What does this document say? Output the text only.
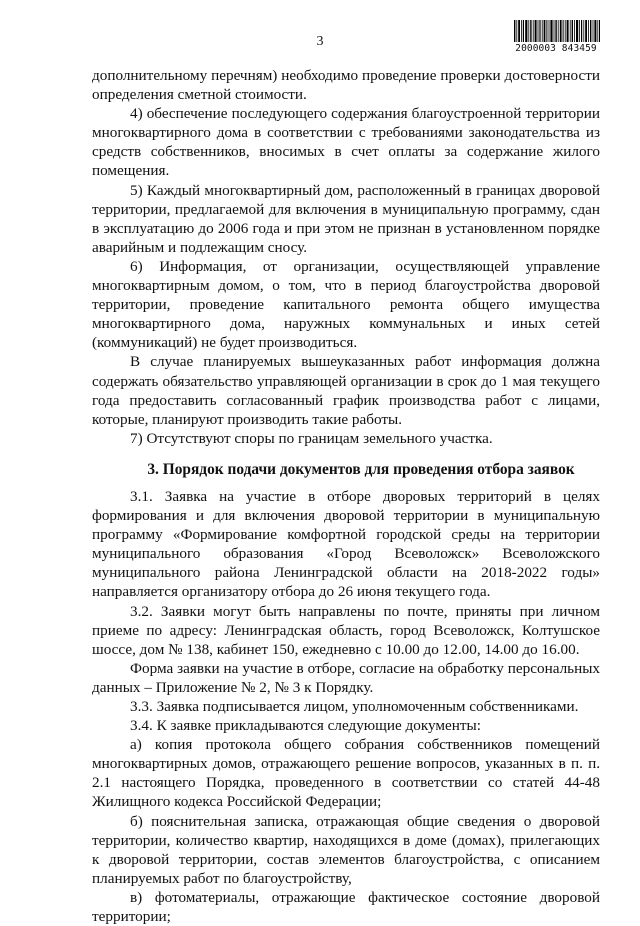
3	2000003 843459

дополнительному перечням) необходимо проведение проверки достоверности определения сметной стоимости.

4) обеспечение последующего содержания благоустроенной территории многоквартирного дома в соответствии с требованиями законодательства из средств собственников, вносимых в счет оплаты за содержание жилого помещения.

5) Каждый многоквартирный дом, расположенный в границах дворовой территории, предлагаемой для включения в муниципальную программу, сдан в эксплуатацию до 2006 года и при этом не признан в установленном порядке аварийным и подлежащим сносу.

6) Информация, от организации, осуществляющей управление многоквартирным домом, о том, что в период благоустройства дворовой территории, проведение капитального ремонта общего имущества многоквартирного дома, наружных коммунальных и иных сетей (коммуникаций) не будет производиться.

В случае планируемых вышеуказанных работ информация должна содержать обязательство управляющей организации в срок до 1 мая текущего года предоставить согласованный график производства работ с лицами, которые, планируют производить такие работы.

7) Отсутствуют споры по границам земельного участка.

3. Порядок подачи документов для проведения отбора заявок

3.1. Заявка на участие в отборе дворовых территорий в целях формирования и для включения дворовой территории в муниципальную программу «Формирование комфортной городской среды на территории муниципального образования «Город Всеволожск» Всеволожского муниципального района Ленинградской области на 2018-2022 годы» направляется организатору отбора до 26 июня текущего года.

3.2. Заявки могут быть направлены по почте, приняты при личном приеме по адресу: Ленинградская область, город Всеволожск, Колтушское шоссе, дом № 138, кабинет 150, ежедневно с 10.00 до 12.00, 14.00 до 16.00.

Форма заявки на участие в отборе, согласие на обработку персональных данных – Приложение № 2, № 3 к Порядку.

3.3. Заявка подписывается лицом, уполномоченным собственниками.

3.4. К заявке прикладываются следующие документы:

а) копия протокола общего собрания собственников помещений многоквартирных домов, отражающего решение вопросов, указанных в п. п. 2.1 настоящего Порядка, проведенного в соответствии со статей 44-48 Жилищного кодекса Российской Федерации;

б) пояснительная записка, отражающая общие сведения о дворовой территории, количество квартир, находящихся в доме (домах), прилегающих к дворовой территории, состав элементов благоустройства, с описанием планируемых работ по благоустройству,

в) фотоматериалы, отражающие фактическое состояние дворовой территории;
